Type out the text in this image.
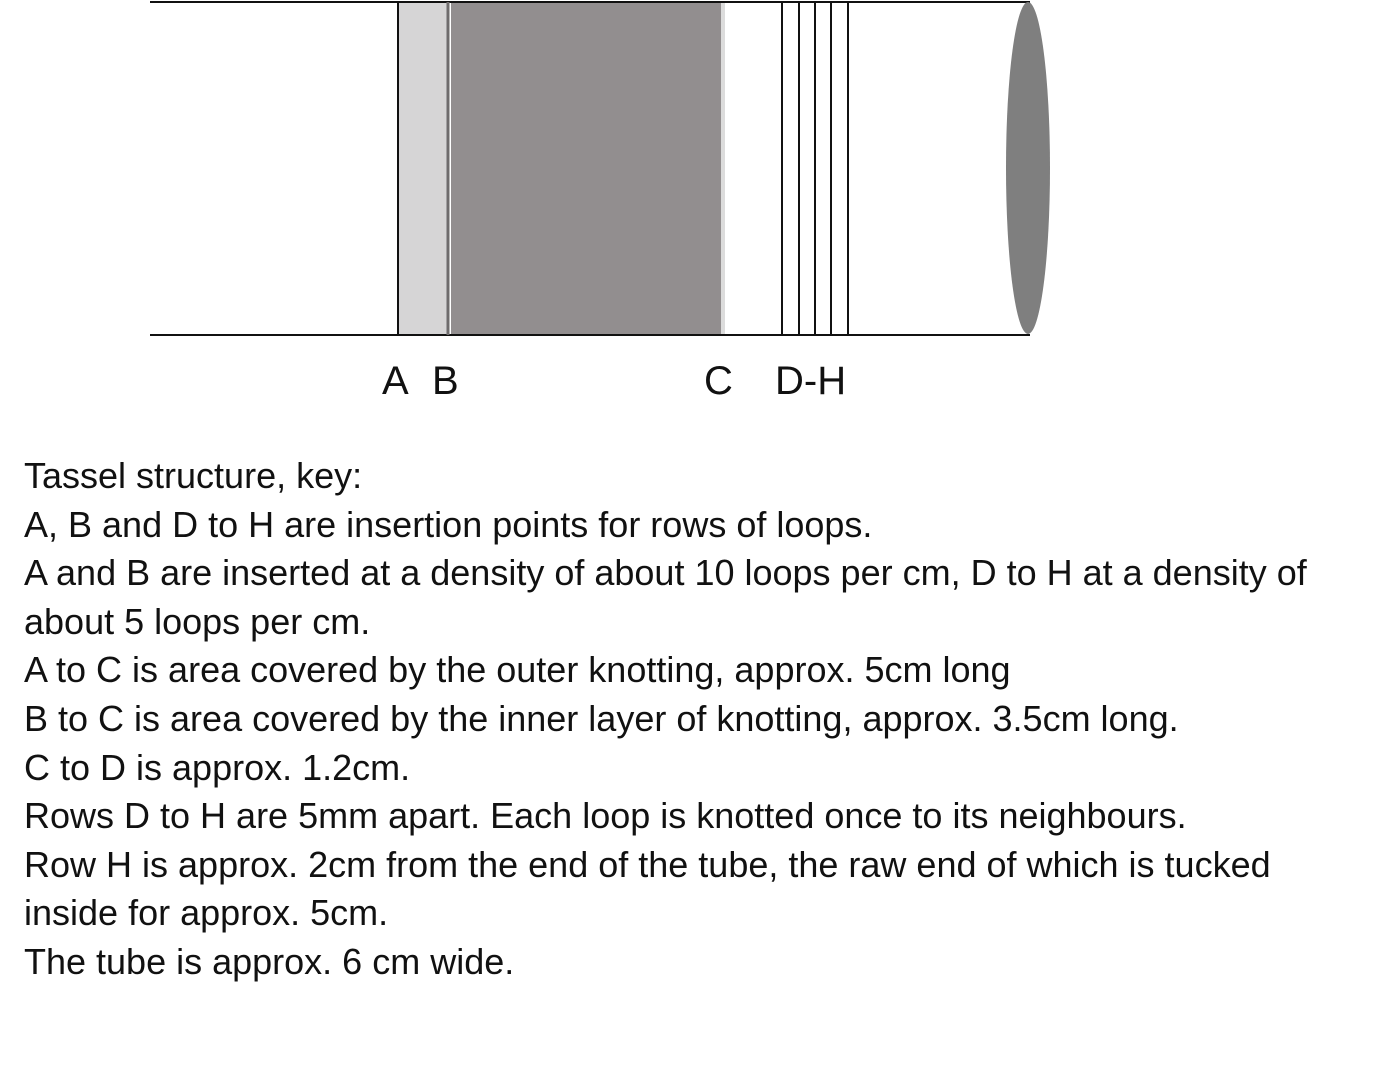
A B	C D-H

Tassel structure, key:

A, B and D to H are insertion points for rows of loops.

A and B are inserted at a density of about 10 loops per cm, D to H at a density of about 5 loops per cm.

A to C is area covered by the outer knotting, approx. 5cm long

B to C is area covered by the inner layer of knotting, approx. 3.5cm long.

C to D is approx. 1.2cm.

Rows D to H are 5mm apart. Each loop is knotted once to its neighbours.

Row H is approx. 2cm from the end of the tube, the raw end of which is tucked inside for approx. 5cm.

The tube is approx. 6 cm wide.
